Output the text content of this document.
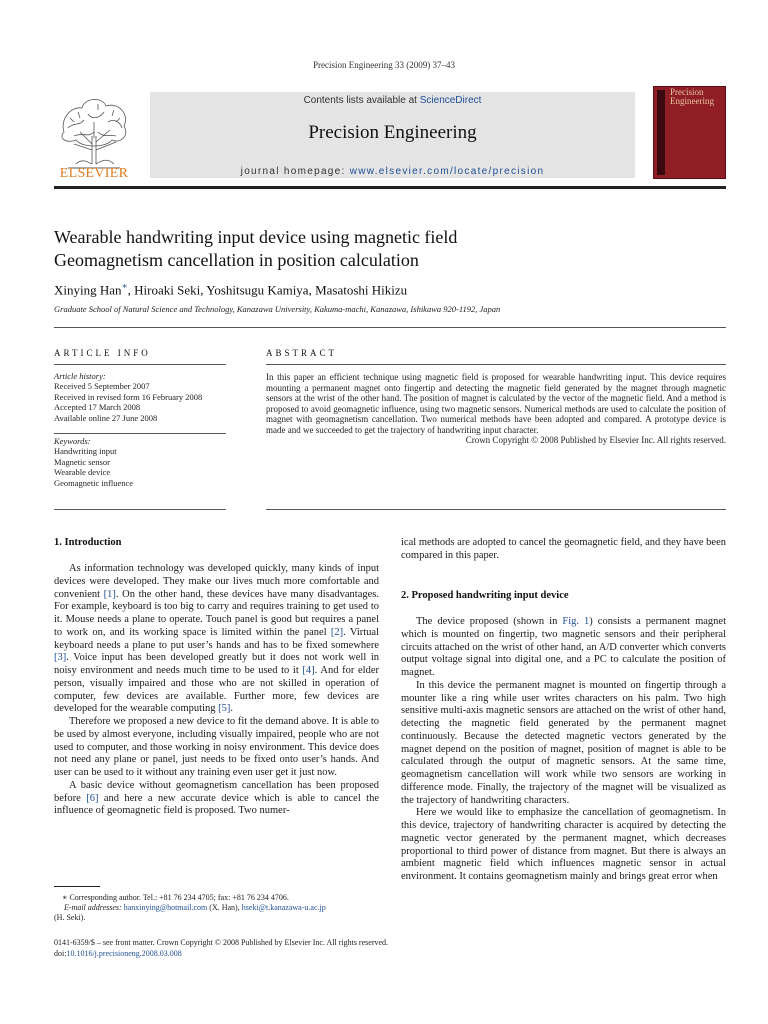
Precision Engineering 33 (2009) 37–43
ELSEVIER
Contents lists available at ScienceDirect
Precision Engineering
journal homepage: www.elsevier.com/locate/precision
Precision Engineering
Wearable handwriting input device using magnetic field
Geomagnetism cancellation in position calculation
Xinying Han∗, Hiroaki Seki, Yoshitsugu Kamiya, Masatoshi Hikizu
Graduate School of Natural Science and Technology, Kanazawa University, Kakuma-machi, Kanazawa, Ishikawa 920-1192, Japan
ARTICLE INFO
Article history:
Received 5 September 2007
Received in revised form 16 February 2008
Accepted 17 March 2008
Available online 27 June 2008
Keywords:
Handwriting input
Magnetic sensor
Wearable device
Geomagnetic influence
ABSTRACT
In this paper an efficient technique using magnetic field is proposed for wearable handwriting input. This device requires mounting a permanent magnet onto fingertip and detecting the magnetic field generated by the magnet through magnetic sensors at the wrist of the other hand. The position of magnet is calculated by the vector of the magnetic field. And a method is proposed to avoid geomagnetic influence, using two magnetic sensors. Numerical methods are used to calculate the position of magnet with geomagnetism cancellation. Two numerical methods have been adopted and compared. A prototype device is made and we succeeded to get the trajectory of handwriting input character.
Crown Copyright © 2008 Published by Elsevier Inc. All rights reserved.
1. Introduction

As information technology was developed quickly, many kinds of input devices were developed. They make our lives much more comfortable and convenient [1]. On the other hand, these devices have many disadvantages. For example, keyboard is too big to carry and requires training to get used to it. Mouse needs a plane to operate. Touch panel is good but requires a panel to work on, and its working space is limited within the panel [2]. Virtual keyboard needs a plane to put user’s hands and has to be fixed somewhere [3]. Voice input has been developed greatly but it does not work well in noisy environment and needs much time to be used to it [4]. And for elder person, visually impaired and those who are not skilled in operation of computer, few devices are available. Further more, few devices are developed for the wearable computing [5].

Therefore we proposed a new device to fit the demand above. It is able to be used by almost everyone, including visually impaired, people who are not used to computer, and those working in noisy environment. This device does not need any plane or panel, just needs to be fixed onto user’s hands. And user can be used to it without any training even user get it just now.

A basic device without geomagnetism cancellation has been proposed before [6] and here a new accurate device which is able to cancel the influence of geomagnetic field is proposed. Two numer-

∗ Corresponding author. Tel.: +81 76 234 4705; fax: +81 76 234 4706.
E-mail addresses: hanxinying@hotmail.com (X. Han), hseki@t.kanazawa-u.ac.jp
(H. Seki).

ical methods are adopted to cancel the geomagnetic field, and they have been compared in this paper.

2. Proposed handwriting input device

The device proposed (shown in Fig. 1) consists a permanent magnet which is mounted on fingertip, two magnetic sensors and their peripheral circuits attached on the wrist of other hand, an A/D converter which converts output voltage signal into digital one, and a PC to calculate the position of magnet.

In this device the permanent magnet is mounted on fingertip through a mounter like a ring while user writes characters on his palm. Two high sensitive multi-axis magnetic sensors are attached on the wrist of other hand, detecting the magnetic field generated by the permanent magnet continuously. Because the detected magnetic vectors generated by the magnet depend on the position of magnet, position of magnet is able to be calculated through the output of magnetic sensors. At the same time, geomagnetism cancellation will work while two sensors are working in difference mode. Finally, the trajectory of the magnet will be visualized as the trajectory of handwriting characters.

Here we would like to emphasize the cancellation of geomagnetism. In this device, trajectory of handwriting character is acquired by detecting the magnetic vector generated by the permanent magnet, which decreases proportional to third power of distance from magnet. But there is always an ambient magnetic field which influences magnetic sensor in actual environment. It contains geomagnetism mainly and brings great error when

0141-6359/$ – see front matter. Crown Copyright © 2008 Published by Elsevier Inc. All rights reserved.
doi:10.1016/j.precisioneng.2008.03.008
